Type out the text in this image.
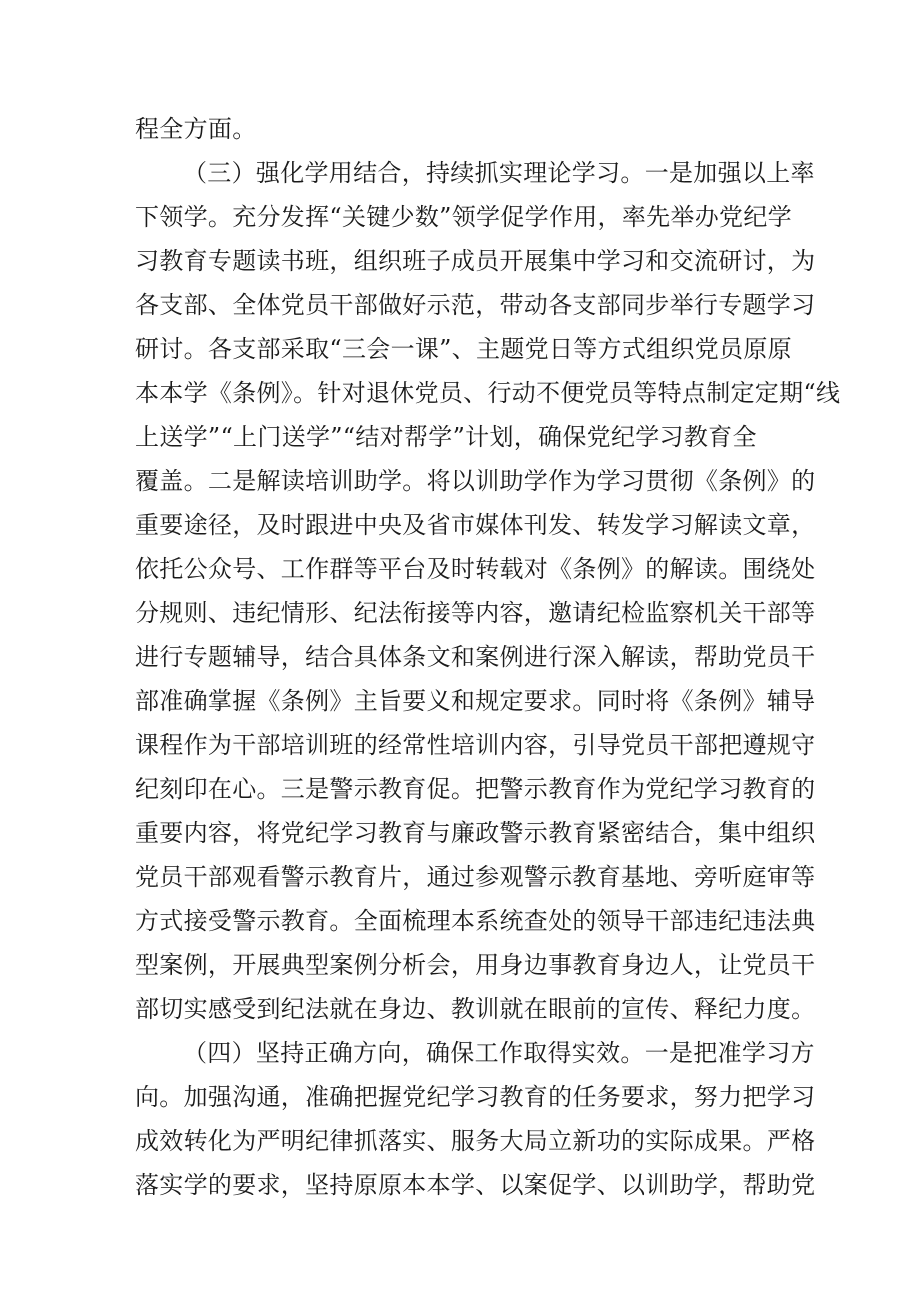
程全方面。
（三）强化学用结合，持续抓实理论学习。一是加强以上率
下领学。充分发挥“关键少数”领学促学作用，率先举办党纪学
习教育专题读书班，组织班子成员开展集中学习和交流研讨，为
各支部、全体党员干部做好示范，带动各支部同步举行专题学习
研讨。各支部采取“三会一课”、主题党日等方式组织党员原原
本本学《条例》。针对退休党员、行动不便党员等特点制定定期“线
上送学”“上门送学”“结对帮学”计划，确保党纪学习教育全
覆盖。二是解读培训助学。将以训助学作为学习贯彻《条例》的
重要途径，及时跟进中央及省市媒体刊发、转发学习解读文章，
依托公众号、工作群等平台及时转载对《条例》的解读。围绕处
分规则、违纪情形、纪法衔接等内容，邀请纪检监察机关干部等
进行专题辅导，结合具体条文和案例进行深入解读，帮助党员干
部准确掌握《条例》主旨要义和规定要求。同时将《条例》辅导
课程作为干部培训班的经常性培训内容，引导党员干部把遵规守
纪刻印在心。三是警示教育促。把警示教育作为党纪学习教育的
重要内容，将党纪学习教育与廉政警示教育紧密结合，集中组织
党员干部观看警示教育片，通过参观警示教育基地、旁听庭审等
方式接受警示教育。全面梳理本系统查处的领导干部违纪违法典
型案例，开展典型案例分析会，用身边事教育身边人，让党员干
部切实感受到纪法就在身边、教训就在眼前的宣传、释纪力度。
（四）坚持正确方向，确保工作取得实效。一是把准学习方
向。加强沟通，准确把握党纪学习教育的任务要求，努力把学习
成效转化为严明纪律抓落实、服务大局立新功的实际成果。严格
落实学的要求，坚持原原本本学、以案促学、以训助学，帮助党
